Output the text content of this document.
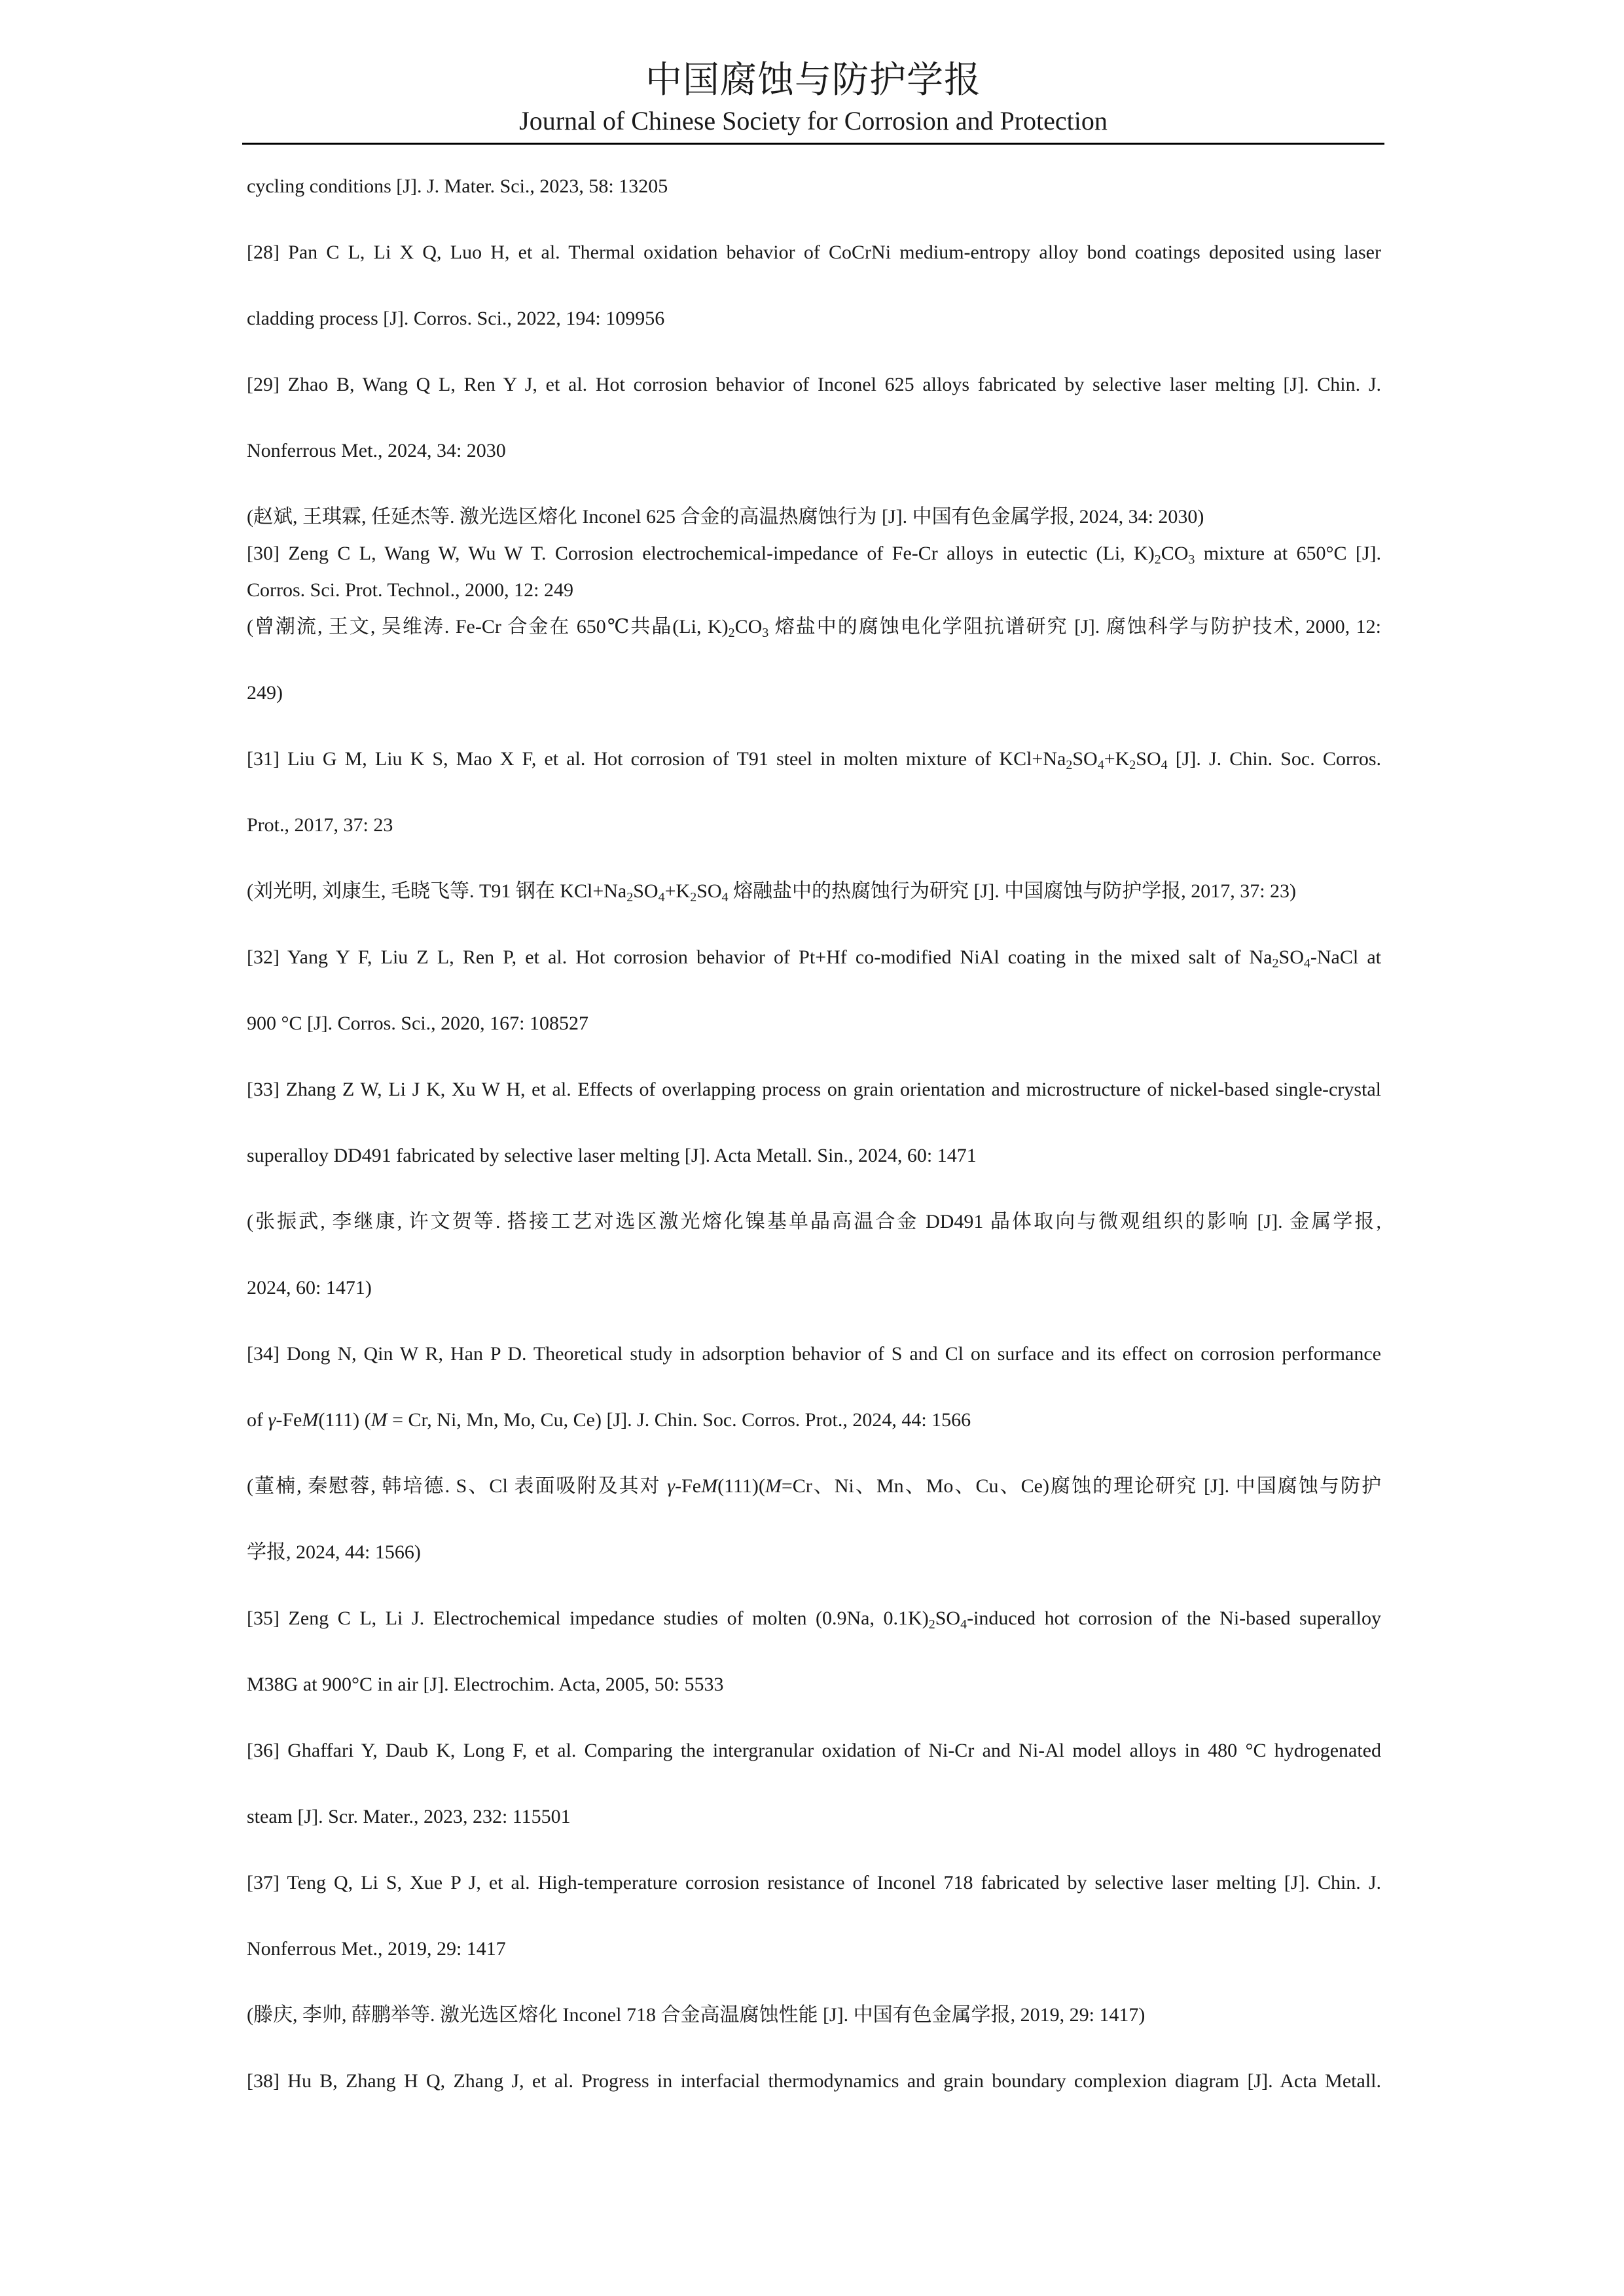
中国腐蚀与防护学报
Journal of Chinese Society for Corrosion and Protection
cycling conditions [J]. J. Mater. Sci., 2023, 58: 13205
[28] Pan C L, Li X Q, Luo H, et al. Thermal oxidation behavior of CoCrNi medium-entropy alloy bond coatings deposited using laser
cladding process [J]. Corros. Sci., 2022, 194: 109956
[29] Zhao B, Wang Q L, Ren Y J, et al. Hot corrosion behavior of Inconel 625 alloys fabricated by selective laser melting [J]. Chin. J.
Nonferrous Met., 2024, 34: 2030
(赵斌, 王琪霖, 任延杰等. 激光选区熔化 Inconel 625 合金的高温热腐蚀行为 [J]. 中国有色金属学报, 2024, 34: 2030)
[30] Zeng C L, Wang W, Wu W T. Corrosion electrochemical-impedance of Fe-Cr alloys in eutectic (Li, $K)_2CO_3$ mixture at 650°C [J].
Corros. Sci. Prot. Technol., 2000, 12: 249
(曾潮流, 王文, 吴维涛. Fe-Cr 合金在 650℃共晶(Li, $K)_2CO_3$ 熔盐中的腐蚀电化学阻抗谱研究 [J]. 腐蚀科学与防护技术, 2000, 12:
249)
[31] Liu G M, Liu K S, Mao X F, et al. Hot corrosion of T91 steel in molten mixture of $KCl+Na_2SO_4+K_2SO_4$ [J]. J. Chin. Soc. Corros.
Prot., 2017, 37: 23
(刘光明, 刘康生, 毛晓飞等. T91 钢在 $KCl+Na_2SO_4+K_2SO_4$ 熔融盐中的热腐蚀行为研究 [J]. 中国腐蚀与防护学报, 2017, 37: 23)
[32] Yang Y F, Liu Z L, Ren P, et al. Hot corrosion behavior of Pt+Hf co-modified NiAl coating in the mixed salt of $Na_2SO_4$-NaCl at
900 °C [J]. Corros. Sci., 2020, 167: 108527
[33] Zhang Z W, Li J K, Xu W H, et al. Effects of overlapping process on grain orientation and microstructure of nickel-based single-crystal
superalloy DD491 fabricated by selective laser melting [J]. Acta Metall. Sin., 2024, 60: 1471
(张振武, 李继康, 许文贺等. 搭接工艺对选区激光熔化镍基单晶高温合金 DD491 晶体取向与微观组织的影响 [J]. 金属学报,
2024, 60: 1471)
[34] Dong N, Qin W R, Han P D. Theoretical study in adsorption behavior of S and Cl on surface and its effect on corrosion performance
of γ-FeM(111) (M = Cr, Ni, Mn, Mo, Cu, Ce) [J]. J. Chin. Soc. Corros. Prot., 2024, 44: 1566
(董楠, 秦慰蓉, 韩培德. S、Cl 表面吸附及其对 γ-FeM(111)(M=Cr、Ni、Mn、Mo、Cu、Ce)腐蚀的理论研究 [J]. 中国腐蚀与防护
学报, 2024, 44: 1566)
[35] Zeng C L, Li J. Electrochemical impedance studies of molten (0.9Na, $0.1K)_2SO_4$-induced hot corrosion of the Ni-based superalloy
M38G at 900°C in air [J]. Electrochim. Acta, 2005, 50: 5533
[36] Ghaffari Y, Daub K, Long F, et al. Comparing the intergranular oxidation of Ni-Cr and Ni-Al model alloys in 480 °C hydrogenated
steam [J]. Scr. Mater., 2023, 232: 115501
[37] Teng Q, Li S, Xue P J, et al. High-temperature corrosion resistance of Inconel 718 fabricated by selective laser melting [J]. Chin. J.
Nonferrous Met., 2019, 29: 1417
(滕庆, 李帅, 薛鹏举等. 激光选区熔化 Inconel 718 合金高温腐蚀性能 [J]. 中国有色金属学报, 2019, 29: 1417)
[38] Hu B, Zhang H Q, Zhang J, et al. Progress in interfacial thermodynamics and grain boundary complexion diagram [J]. Acta Metall.
